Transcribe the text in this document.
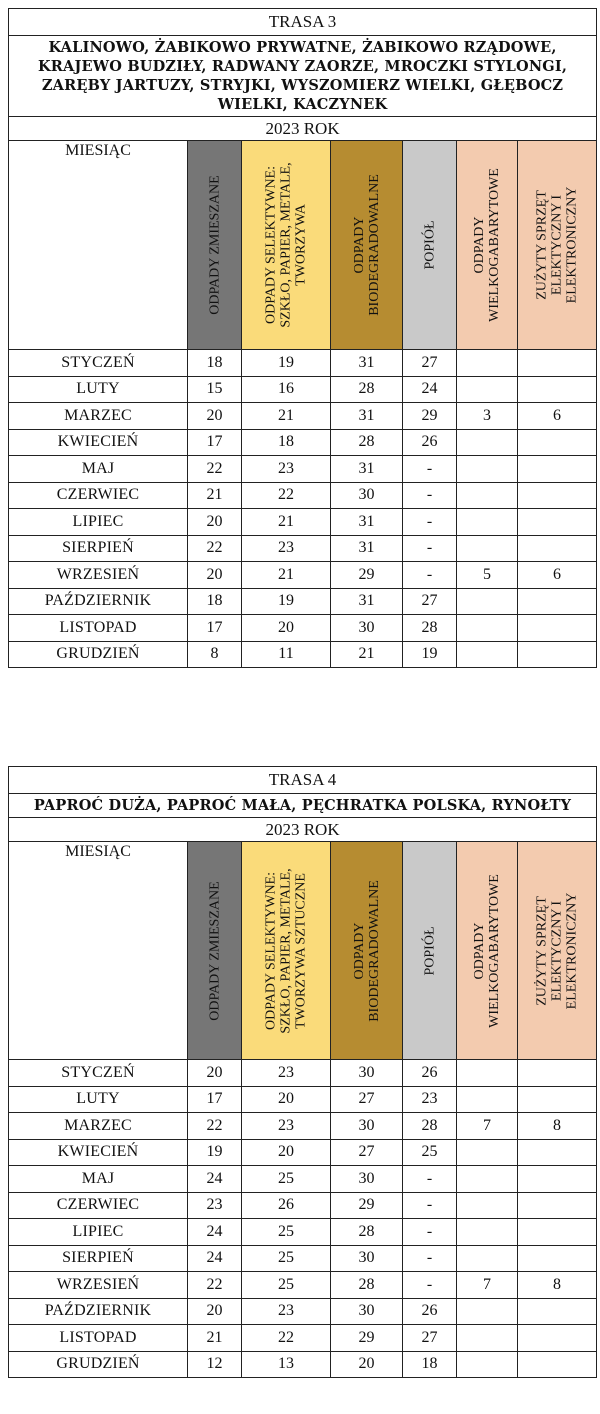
TRASA 3						
KALINOWO, ŻABIKOWO PRYWATNE, ŻABIKOWO RZĄDOWE, KRAJEWO BUDZIŁY, RADWANY ZAORZE, MROCZKI STYLONGI, ZARĘBY JARTUZY, STRYJKI, WYSZOMIERZ WIELKI, GŁĘBOCZ WIELKI, KACZYNEK						
2023 ROK						
MIESIĄC	ODPADY ZMIESZANE	ODPADY SELEKTYWNE: SZKŁO, PAPIER, METALE, TWORZYWA	ODPADY BIODEGRADOWALNE	POPIÓŁ	ODPADY WIELKOGABARYTOWE	ZUŻYTY SPRZĘT ELEKTYCZNY I ELEKTRONICZNY

STYCZEŃ	18	19	31	27		
LUTY	15	16	28	24		
MARZEC	20	21	31	29	3	6
KWIECIEŃ	17	18	28	26		
MAJ	22	23	31	-		
CZERWIEC	21	22	30	-		
LIPIEC	20	21	31	-		
SIERPIEŃ	22	23	31	-		
WRZESIEŃ	20	21	29	-	5	6
PAŹDZIERNIK	18	19	31	27		
LISTOPAD	17	20	30	28		
GRUDZIEŃ	8	11	21	19		
TRASA 4						
PAPROĆ DUŻA, PAPROĆ MAŁA, PĘCHRATKA POLSKA, RYNOŁTY						
2023 ROK						
MIESIĄC	ODPADY ZMIESZANE	ODPADY SELEKTYWNE: SZKŁO, PAPIER, METALE, TWORZYWA SZTUCZNE	ODPADY BIODEGRADOWALNE	POPIÓŁ	ODPADY WIELKOGABARYTOWE	ZUŻYTY SPRZĘT ELEKTYCZNY I ELEKTRONICZNY

STYCZEŃ	20	23	30	26		
LUTY	17	20	27	23		
MARZEC	22	23	30	28	7	8
KWIECIEŃ	19	20	27	25		
MAJ	24	25	30	-		
CZERWIEC	23	26	29	-		
LIPIEC	24	25	28	-		
SIERPIEŃ	24	25	30	-		
WRZESIEŃ	22	25	28	-	7	8
PAŹDZIERNIK	20	23	30	26		
LISTOPAD	21	22	29	27		
GRUDZIEŃ	12	13	20	18		
